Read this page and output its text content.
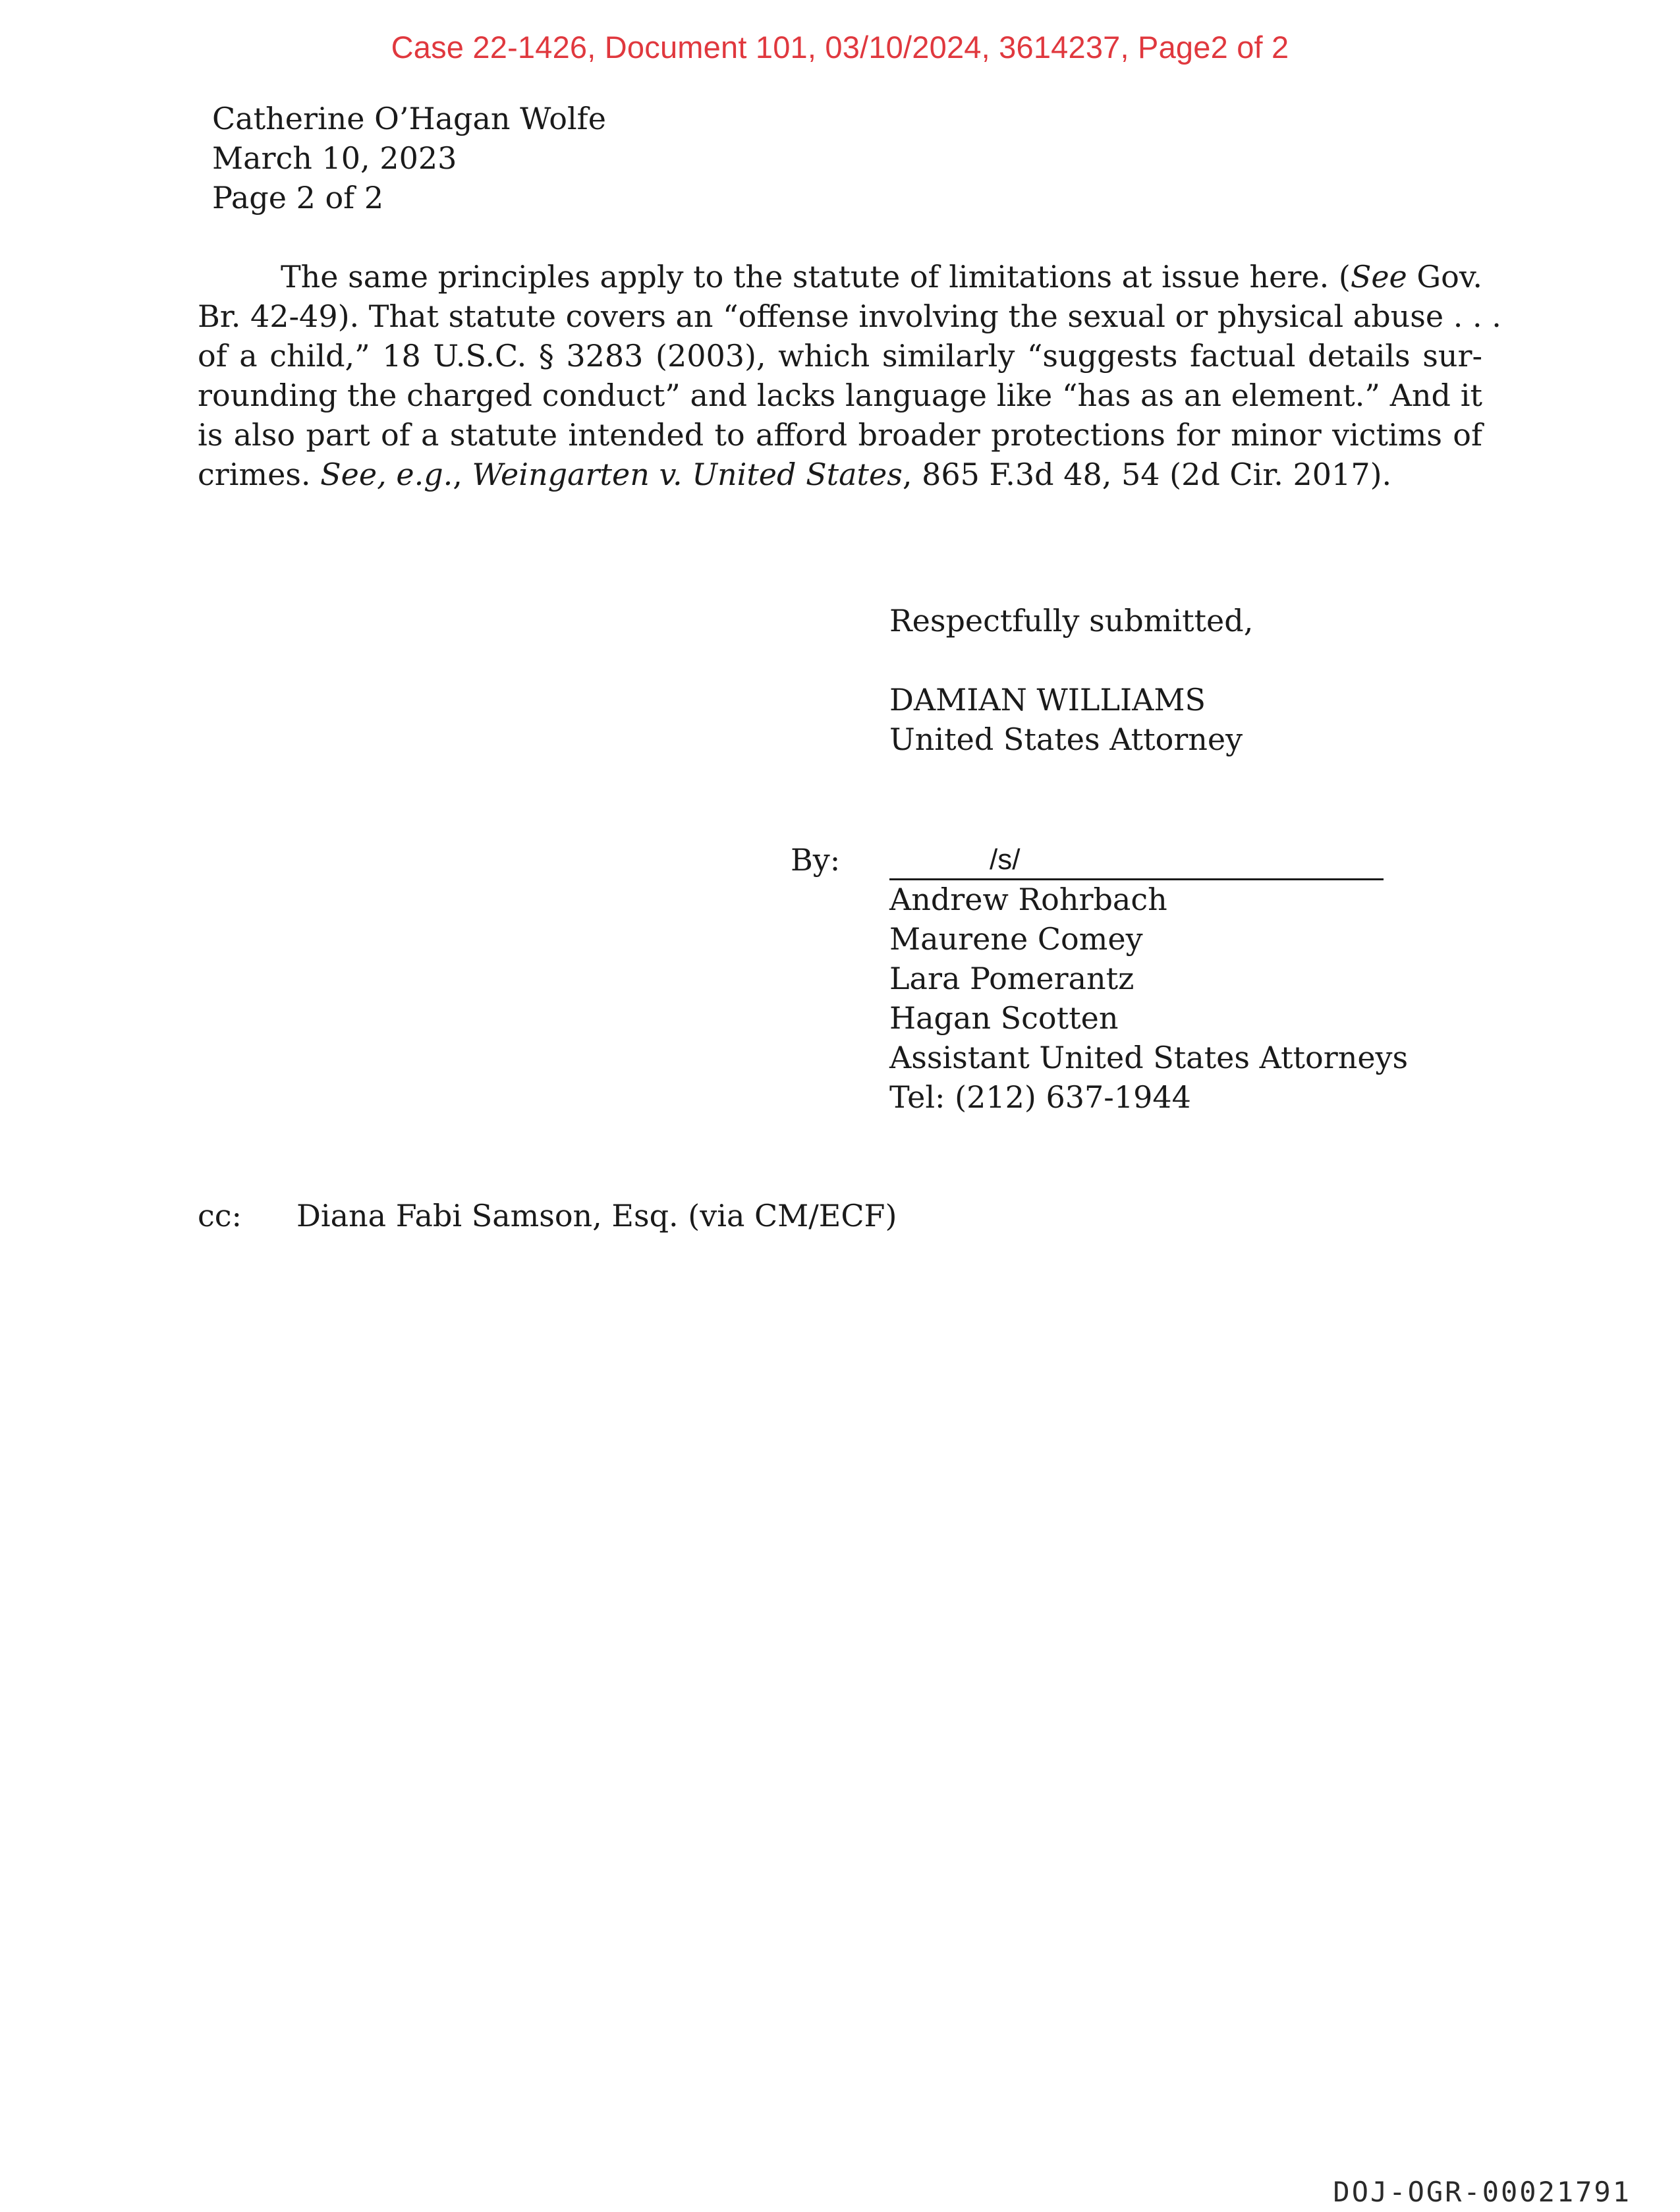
Case 22-1426, Document 101, 03/10/2024, 3614237, Page2 of 2
Catherine O’Hagan Wolfe
March 10, 2023
Page 2 of 2
The same principles apply to the statute of limitations at issue here. (See Gov.
Br. 42-49). That statute covers an “offense involving the sexual or physical abuse . . .
of a child,” 18 U.S.C. § 3283 (2003), which similarly “suggests factual details sur-
rounding the charged conduct” and lacks language like “has as an element.” And it
is also part of a statute intended to afford broader protections for minor victims of
crimes. See, e.g., Weingarten v. United States, 865 F.3d 48, 54 (2d Cir. 2017).
Respectfully submitted,
DAMIAN WILLIAMS
United States Attorney
By:	/s/
Andrew Rohrbach
Maurene Comey
Lara Pomerantz
Hagan Scotten
Assistant United States Attorneys
Tel: (212) 637-1944
cc: Diana Fabi Samson, Esq. (via CM/ECF)
DOJ-OGR-00021791
